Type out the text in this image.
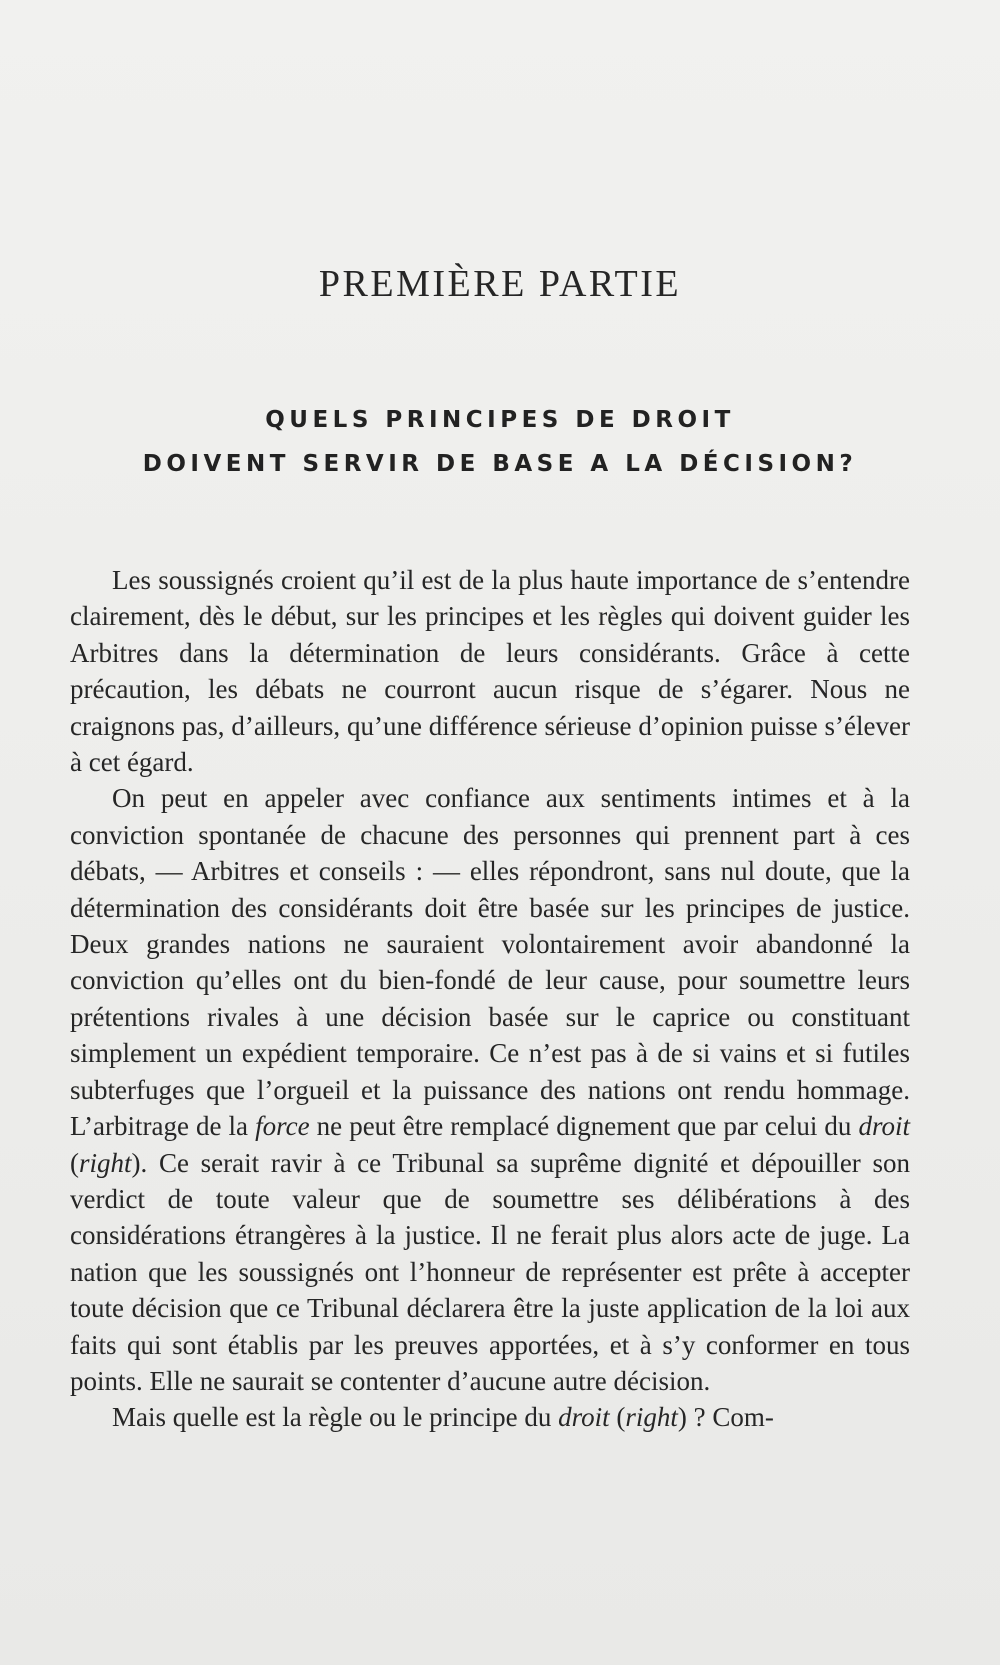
PREMIÈRE PARTIE
QUELS PRINCIPES DE DROIT
DOIVENT SERVIR DE BASE A LA DÉCISION?

Les soussignés croient qu’il est de la plus haute importance de s’entendre clairement, dès le début, sur les principes et les règles qui doivent guider les Arbitres dans la détermination de leurs considérants. Grâce à cette précaution, les débats ne courront aucun risque de s’égarer. Nous ne craignons pas, d’ailleurs, qu’une différence sérieuse d’opinion puisse s’élever à cet égard.

On peut en appeler avec confiance aux sentiments intimes et à la conviction spontanée de chacune des personnes qui prennent part à ces débats, — Arbitres et conseils : — elles répondront, sans nul doute, que la détermination des considérants doit être basée sur les principes de justice. Deux grandes nations ne sauraient volontairement avoir abandonné la conviction qu’elles ont du bien-fondé de leur cause, pour soumettre leurs prétentions rivales à une décision basée sur le caprice ou constituant simplement un expédient temporaire. Ce n’est pas à de si vains et si futiles subterfuges que l’orgueil et la puissance des nations ont rendu hommage. L’arbitrage de la force ne peut être remplacé dignement que par celui du droit (right). Ce serait ravir à ce Tribunal sa suprême dignité et dépouiller son verdict de toute valeur que de soumettre ses délibérations à des considérations étrangères à la justice. Il ne ferait plus alors acte de juge. La nation que les soussignés ont l’honneur de représenter est prête à accepter toute décision que ce Tribunal déclarera être la juste application de la loi aux faits qui sont établis par les preuves apportées, et à s’y conformer en tous points. Elle ne saurait se contenter d’aucune autre décision.

Mais quelle est la règle ou le principe du droit (right) ? Com-
